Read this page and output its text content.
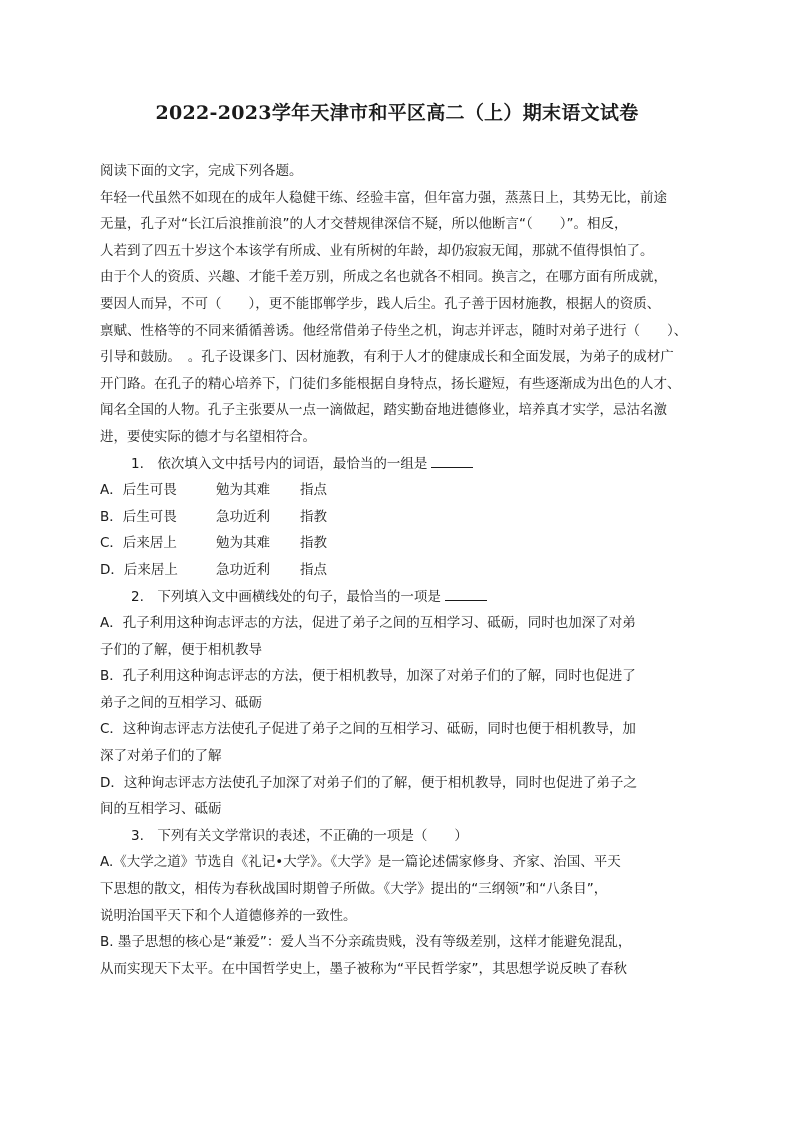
2022-2023学年天津市和平区高二（上）期末语文试卷
阅读下面的文字，完成下列各题。
年轻一代虽然不如现在的成年人稳健干练、经验丰富，但年富力强，蒸蒸日上，其势无比，前途
无量，孔子对“长江后浪推前浪”的人才交替规律深信不疑，所以他断言“（　　）”。相反，
人若到了四五十岁这个本该学有所成、业有所树的年龄，却仍寂寂无闻，那就不值得惧怕了。
由于个人的资质、兴趣、才能千差万别，所成之名也就各不相同。换言之，在哪方面有所成就，
要因人而异，不可（　　），更不能邯郸学步，践人后尘。孔子善于因材施教，根据人的资质、
禀赋、性格等的不同来循循善诱。他经常借弟子侍坐之机，询志并评志，随时对弟子进行（　　）、
引导和鼓励。　。孔子设课多门、因材施教，有利于人才的健康成长和全面发展，为弟子的成材广
开门路。在孔子的精心培养下，门徒们多能根据自身特点，扬长避短，有些逐渐成为出色的人才、
闻名全国的人物。孔子主张要从一点一滴做起，踏实勤奋地进德修业，培养真才实学，忌沽名激
进，要使实际的德才与名望相符合。
1.　依次填入文中括号内的词语，最恰当的一组是
A．后生可畏	勉为其难 指点
B．后生可畏	急功近利 指教
C．后来居上	勉为其难 指教
D．后来居上	急功近利 指点
2.　下列填入文中画横线处的句子，最恰当的一项是
A．孔子利用这种询志评志的方法，促进了弟子之间的互相学习、砥砺，同时也加深了对弟
子们的了解，便于相机教导
B．孔子利用这种询志评志的方法，便于相机教导，加深了对弟子们的了解，同时也促进了
弟子之间的互相学习、砥砺
C．这种询志评志方法使孔子促进了弟子之间的互相学习、砥砺，同时也便于相机教导，加
深了对弟子们的了解
D．这种询志评志方法使孔子加深了对弟子们的了解，便于相机教导，同时也促进了弟子之
间的互相学习、砥砺
3.　下列有关文学常识的表述，不正确的一项是（　　）
A.《大学之道》节选自《礼记•大学》。《大学》是一篇论述儒家修身、齐家、治国、平天
下思想的散文，相传为春秋战国时期曾子所做。《大学》提出的“三纲领”和“八条目”，
说明治国平天下和个人道德修养的一致性。
B. 墨子思想的核心是“兼爱”：爱人当不分亲疏贵贱，没有等级差别，这样才能避免混乱，
从而实现天下太平。在中国哲学史上，墨子被称为“平民哲学家”，其思想学说反映了春秋
